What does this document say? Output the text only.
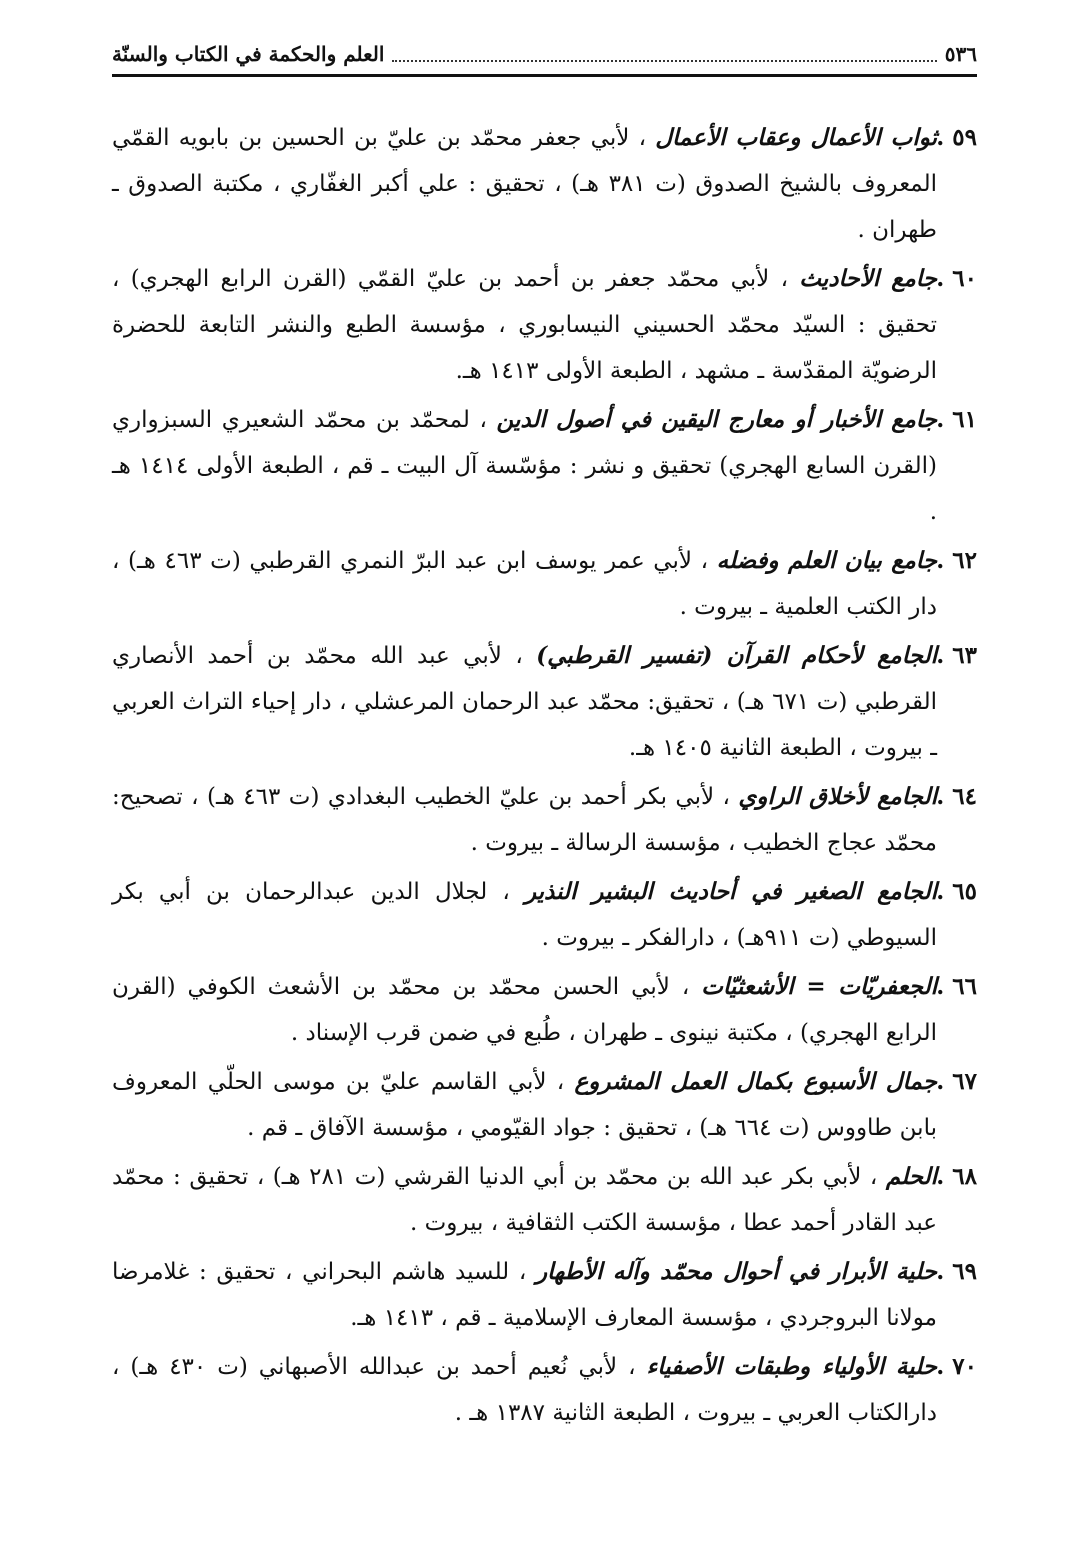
٥٣٦
العلم والحكمة في الكتاب والسنّة
٥٩ .
ثواب الأعمال وعقاب الأعمال ، لأبي جعفر محمّد بن عليّ بن الحسين بن بابويه القمّي المعروف بالشيخ الصدوق (ت ٣٨١ هـ) ، تحقيق : علي أكبر الغفّاري ، مكتبة الصدوق ـ طهران .
٦٠ .
جامع الأحاديث ، لأبي محمّد جعفر بن أحمد بن عليّ القمّي (القرن الرابع الهجري) ، تحقيق : السيّد محمّد الحسيني النيسابوري ، مؤسسة الطبع والنشر التابعة للحضرة الرضويّة المقدّسة ـ مشهد ، الطبعة الأولى ١٤١٣ هـ.
٦١ .
جامع الأخبار أو معارج اليقين في أصول الدين ، لمحمّد بن محمّد الشعيري السبزواري (القرن السابع الهجري) تحقيق و نشر : مؤسّسة آل البيت ـ قم ، الطبعة الأولى ١٤١٤ هـ .
٦٢ .
جامع بيان العلم وفضله ، لأبي عمر يوسف ابن عبد البرّ النمري القرطبي (ت ٤٦٣ هـ) ، دار الكتب العلمية ـ بيروت .
٦٣ .
الجامع لأحكام القرآن (تفسير القرطبي) ، لأبي عبد الله محمّد بن أحمد الأنصاري القرطبي (ت ٦٧١ هـ) ، تحقيق: محمّد عبد الرحمان المرعشلي ، دار إحياء التراث العربي ـ بيروت ، الطبعة الثانية ١٤٠٥ هـ.
٦٤ .
الجامع لأخلاق الراوي ، لأبي بكر أحمد بن عليّ الخطيب البغدادي (ت ٤٦٣ هـ) ، تصحيح: محمّد عجاج الخطيب ، مؤسسة الرسالة ـ بيروت .
٦٥ .
الجامع الصغير في أحاديث البشير النذير ، لجلال الدين عبدالرحمان بن أبي بكر السيوطي (ت ٩١١هـ) ، دارالفكر ـ بيروت .
٦٦ .
الجعفريّات = الأشعثيّات ، لأبي الحسن محمّد بن محمّد بن الأشعث الكوفي (القرن الرابع الهجري) ، مكتبة نينوى ـ طهران ، طُبع في ضمن قرب الإسناد .
٦٧ .
جمال الأسبوع بكمال العمل المشروع ، لأبي القاسم عليّ بن موسى الحلّي المعروف بابن طاووس (ت ٦٦٤ هـ) ، تحقيق : جواد القيّومي ، مؤسسة الآفاق ـ قم .
٦٨ .
الحلم ، لأبي بكر عبد الله بن محمّد بن أبي الدنيا القرشي (ت ٢٨١ هـ) ، تحقيق : محمّد عبد القادر أحمد عطا ، مؤسسة الكتب الثقافية ، بيروت .
٦٩ .
حلية الأبرار في أحوال محمّد وآله الأطهار ، للسيد هاشم البحراني ، تحقيق : غلامرضا مولانا البروجردي ، مؤسسة المعارف الإسلامية ـ قم ، ١٤١٣ هـ.
٧٠ .
حلية الأولياء وطبقات الأصفياء ، لأبي نُعيم أحمد بن عبدالله الأصبهاني (ت ٤٣٠ هـ) ، دارالكتاب العربي ـ بيروت ، الطبعة الثانية ١٣٨٧ هـ .
